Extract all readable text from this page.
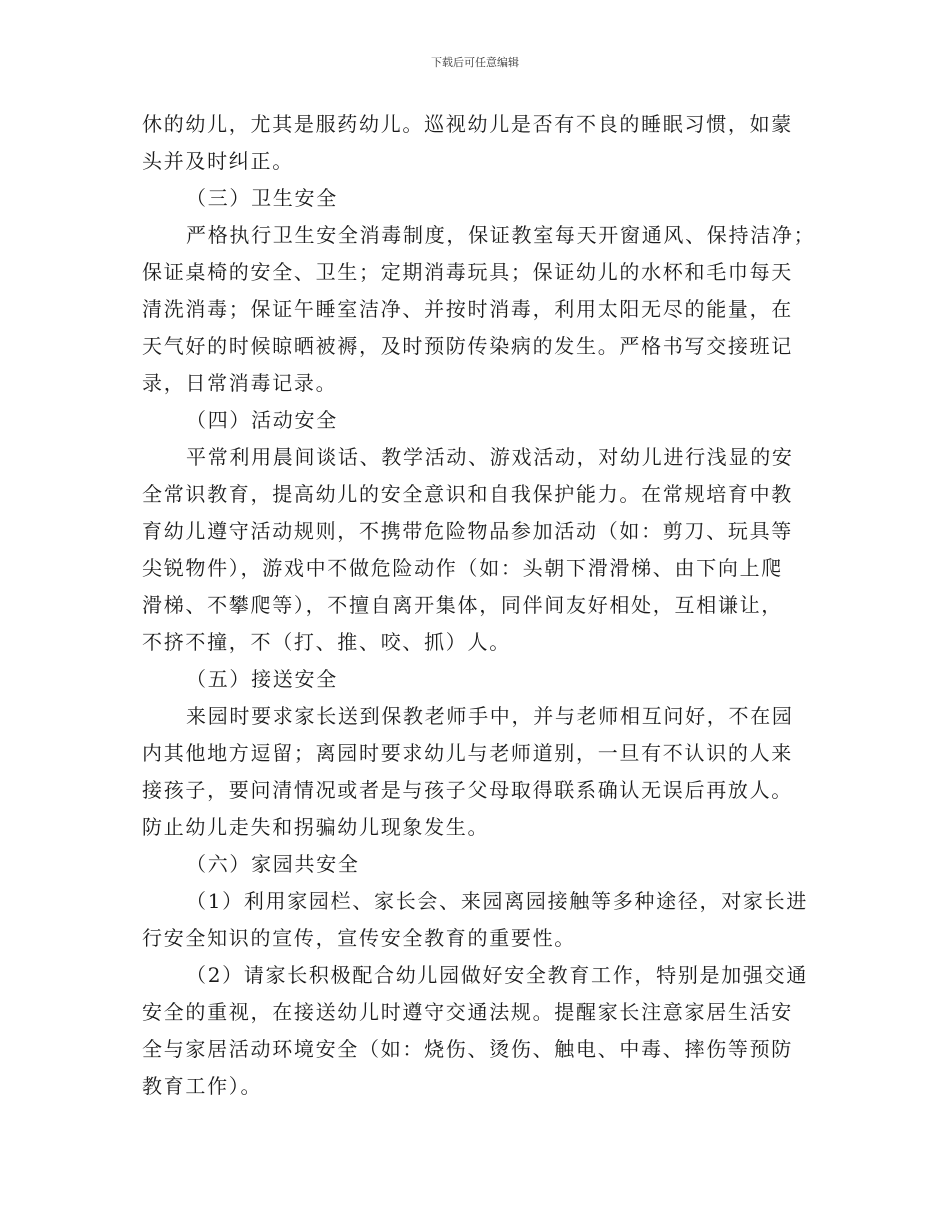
下载后可任意编辑
休的幼儿，尤其是服药幼儿。巡视幼儿是否有不良的睡眠习惯，如蒙
头并及时纠正。
（三）卫生安全
严格执行卫生安全消毒制度，保证教室每天开窗通风、保持洁净；
保证桌椅的安全、卫生；定期消毒玩具；保证幼儿的水杯和毛巾每天
清洗消毒；保证午睡室洁净、并按时消毒，利用太阳无尽的能量，在
天气好的时候晾晒被褥，及时预防传染病的发生。严格书写交接班记
录，日常消毒记录。
（四）活动安全
平常利用晨间谈话、教学活动、游戏活动，对幼儿进行浅显的安
全常识教育，提高幼儿的安全意识和自我保护能力。在常规培育中教
育幼儿遵守活动规则，不携带危险物品参加活动（如：剪刀、玩具等
尖锐物件），游戏中不做危险动作（如：头朝下滑滑梯、由下向上爬
滑梯、不攀爬等），不擅自离开集体，同伴间友好相处，互相谦让，
不挤不撞，不（打、推、咬、抓）人。
（五）接送安全
来园时要求家长送到保教老师手中，并与老师相互问好，不在园
内其他地方逗留；离园时要求幼儿与老师道别，一旦有不认识的人来
接孩子，要问清情况或者是与孩子父母取得联系确认无误后再放人。
防止幼儿走失和拐骗幼儿现象发生。
（六）家园共安全
（1）利用家园栏、家长会、来园离园接触等多种途径，对家长进
行安全知识的宣传，宣传安全教育的重要性。
（2）请家长积极配合幼儿园做好安全教育工作，特别是加强交通
安全的重视，在接送幼儿时遵守交通法规。提醒家长注意家居生活安
全与家居活动环境安全（如：烧伤、烫伤、触电、中毒、摔伤等预防
教育工作）。
